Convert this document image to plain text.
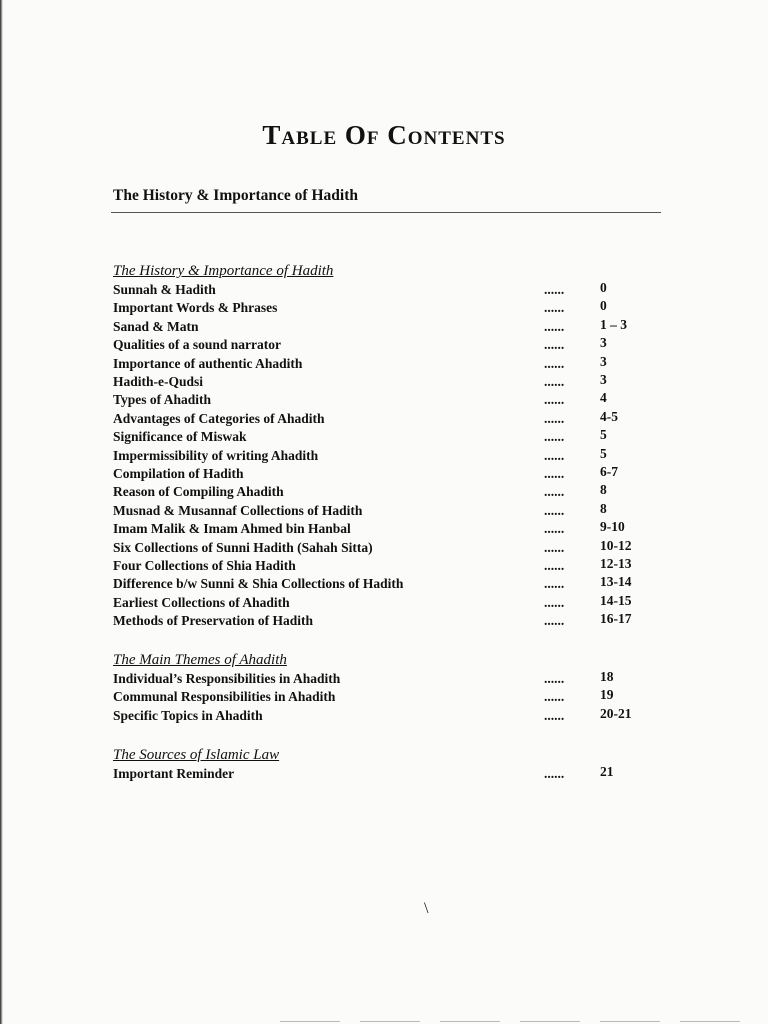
Table Of Contents
The History & Importance of Hadith
The History & Importance of Hadith
Sunnah & Hadith	......	0
Important Words & Phrases	......	0
Sanad & Matn	......	1 – 3
Qualities of a sound narrator	......	3
Importance of authentic Ahadith	......	3
Hadith-e-Qudsi	......	3
Types of Ahadith	......	4
Advantages of Categories of Ahadith	......	4-5
Significance of Miswak	......	5
Impermissibility of writing Ahadith	......	5
Compilation of Hadith	......	6-7
Reason of Compiling Ahadith	......	8
Musnad & Musannaf Collections of Hadith	......	8
Imam Malik & Imam Ahmed bin Hanbal	......	9-10
Six Collections of Sunni Hadith (Sahah Sitta)	......	10-12
Four Collections of Shia Hadith	......	12-13
Difference b/w Sunni & Shia Collections of Hadith	......	13-14
Earliest Collections of Ahadith	......	14-15
Methods of Preservation of Hadith	......	16-17
The Main Themes of Ahadith
Individual’s Responsibilities in Ahadith	......	18
Communal Responsibilities in Ahadith	......	19
Specific Topics in Ahadith	......	20-21
The Sources of Islamic Law
Important Reminder	......	21
\
